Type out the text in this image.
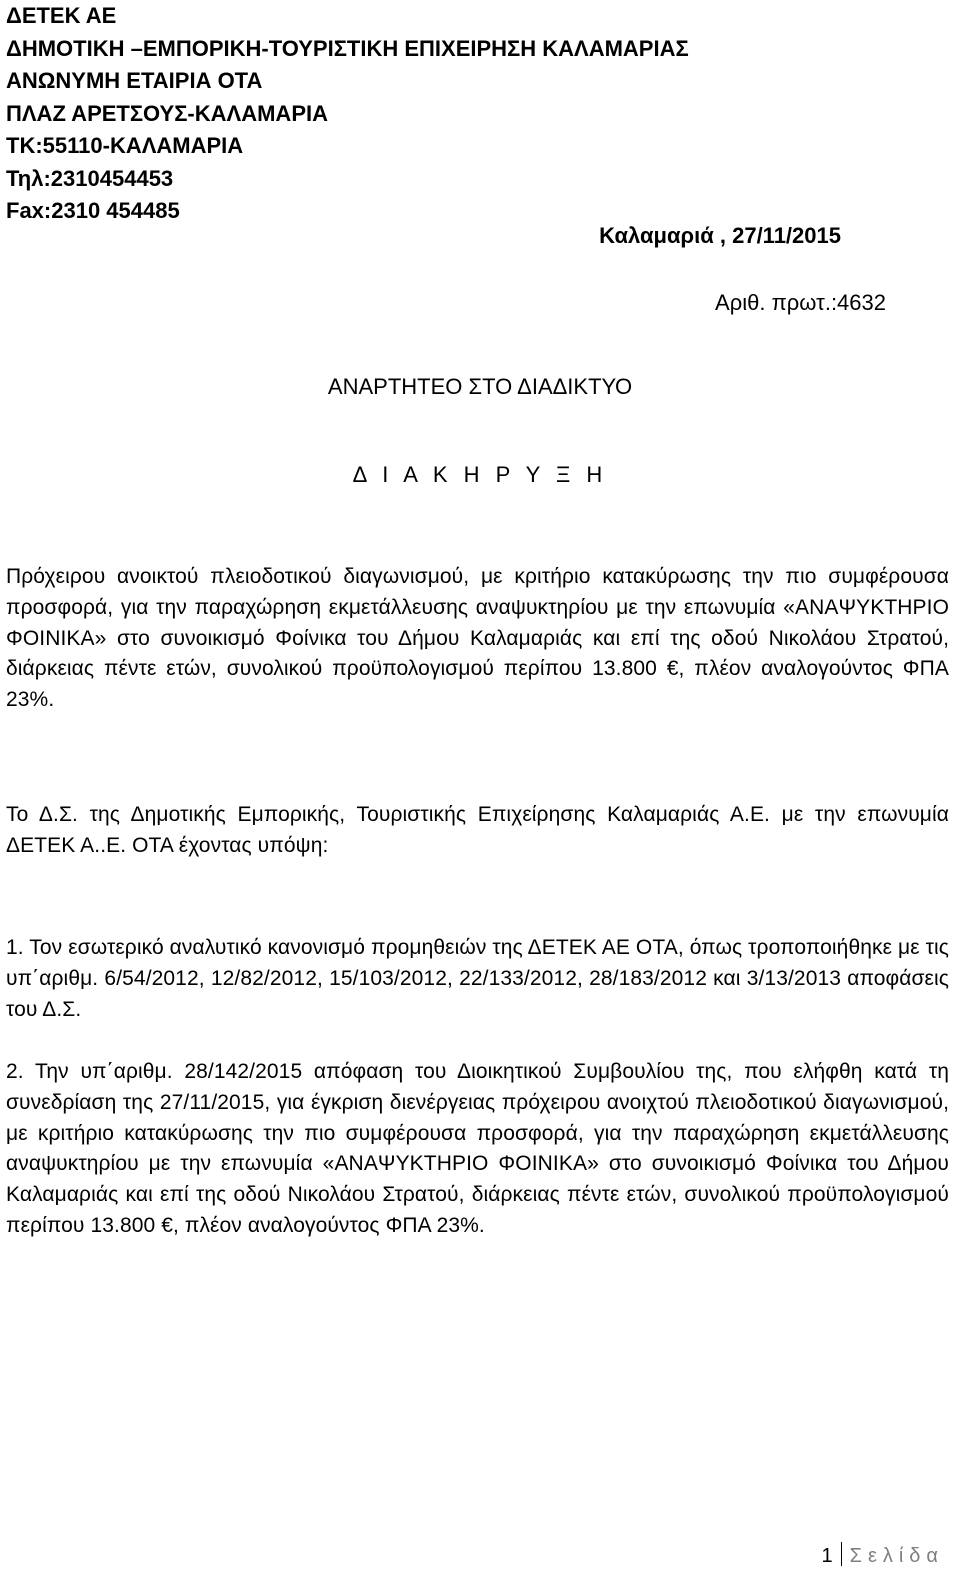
ΔΕΤΕΚ ΑΕ
ΔΗΜΟΤΙΚΗ –ΕΜΠΟΡΙΚΗ-ΤΟΥΡΙΣΤΙΚΗ ΕΠΙΧΕΙΡΗΣΗ ΚΑΛΑΜΑΡΙΑΣ
ΑΝΩΝΥΜΗ ΕΤΑΙΡΙΑ ΟΤΑ
ΠΛΑΖ ΑΡΕΤΣΟΥΣ-ΚΑΛΑΜΑΡΙΑ
ΤΚ:55110-ΚΑΛΑΜΑΡΙΑ
Τηλ:2310454453
Fax:2310 454485
Καλαμαριά , 27/11/2015
Αριθ. πρωτ.:4632
ΑΝΑΡΤΗΤΕΟ ΣΤΟ ΔΙΑΔΙΚΤΥΟ
Δ Ι Α Κ Η Ρ Υ Ξ Η
Πρόχειρου ανοικτού πλειοδοτικού διαγωνισμού, με κριτήριο κατακύρωσης την πιο συμφέρουσα προσφορά, για την παραχώρηση εκμετάλλευσης αναψυκτηρίου με την επωνυμία «ΑΝΑΨΥΚΤΗΡΙΟ ΦΟΙΝΙΚΑ» στο συνοικισμό Φοίνικα του Δήμου Καλαμαριάς και επί της οδού Νικολάου Στρατού, διάρκειας πέντε ετών, συνολικού προϋπολογισμού περίπου 13.800 €, πλέον αναλογούντος ΦΠΑ 23%.
Το Δ.Σ. της Δημοτικής Εμπορικής, Τουριστικής Επιχείρησης Καλαμαριάς Α.Ε. με την επωνυμία ΔΕΤΕΚ Α..Ε. ΟΤΑ έχοντας υπόψη:
1. Τον εσωτερικό αναλυτικό κανονισμό προμηθειών της ΔΕΤΕΚ ΑΕ ΟΤΑ, όπως τροποποιήθηκε με τις υπ΄αριθμ. 6/54/2012, 12/82/2012, 15/103/2012, 22/133/2012, 28/183/2012 και 3/13/2013 αποφάσεις του Δ.Σ.
2. Την υπ΄αριθμ. 28/142/2015 απόφαση του Διοικητικού Συμβουλίου της, που ελήφθη κατά τη συνεδρίαση της 27/11/2015, για έγκριση διενέργειας πρόχειρου ανοιχτού πλειοδοτικού διαγωνισμού, με κριτήριο κατακύρωσης την πιο συμφέρουσα προσφορά, για την παραχώρηση εκμετάλλευσης αναψυκτηρίου με την επωνυμία «ΑΝΑΨΥΚΤΗΡΙΟ ΦΟΙΝΙΚΑ» στο συνοικισμό Φοίνικα του Δήμου Καλαμαριάς και επί της οδού Νικολάου Στρατού, διάρκειας πέντε ετών, συνολικού προϋπολογισμού περίπου 13.800 €, πλέον αναλογούντος ΦΠΑ 23%.
1 Σελίδα
